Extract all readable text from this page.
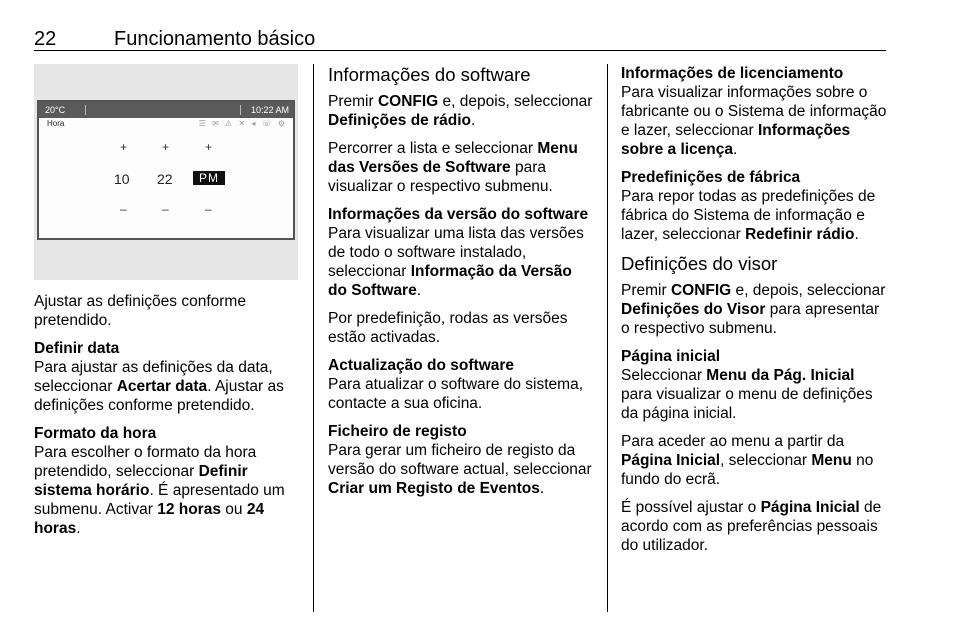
22	Funcionamento básico
20°C	10:22 AM
Hora	☰ ✉ ⚠ ✕ ◂ ☏ ⚙
+	+	+
10 22	PM
–	–	–

Ajustar as definições conforme pretendido.

Definir data
Para ajustar as definições da data, seleccionar Acertar data. Ajustar as definições conforme pretendido.

Formato da hora
Para escolher o formato da hora pretendido, seleccionar Definir sistema horário. É apresentado um submenu. Activar 12 horas ou 24 horas.

Informações do software

Premir CONFIG e, depois, seleccionar Definições de rádio.

Percorrer a lista e seleccionar Menu das Versões de Software para visualizar o respectivo submenu.

Informações da versão do software
Para visualizar uma lista das versões de todo o software instalado, seleccionar Informação da Versão do Software.

Por predefinição, rodas as versões estão activadas.

Actualização do software
Para atualizar o software do sistema, contacte a sua oficina.

Ficheiro de registo
Para gerar um ficheiro de registo da versão do software actual, seleccionar Criar um Registo de Eventos.

Informações de licenciamento
Para visualizar informações sobre o fabricante ou o Sistema de informação e lazer, seleccionar Informações sobre a licença.

Predefinições de fábrica
Para repor todas as predefinições de fábrica do Sistema de informação e lazer, seleccionar Redefinir rádio.

Definições do visor

Premir CONFIG e, depois, seleccionar Definições do Visor para apresentar o respectivo submenu.

Página inicial
Seleccionar Menu da Pág. Inicial para visualizar o menu de definições da página inicial.

Para aceder ao menu a partir da Página Inicial, seleccionar Menu no fundo do ecrã.

É possível ajustar o Página Inicial de acordo com as preferências pessoais do utilizador.
